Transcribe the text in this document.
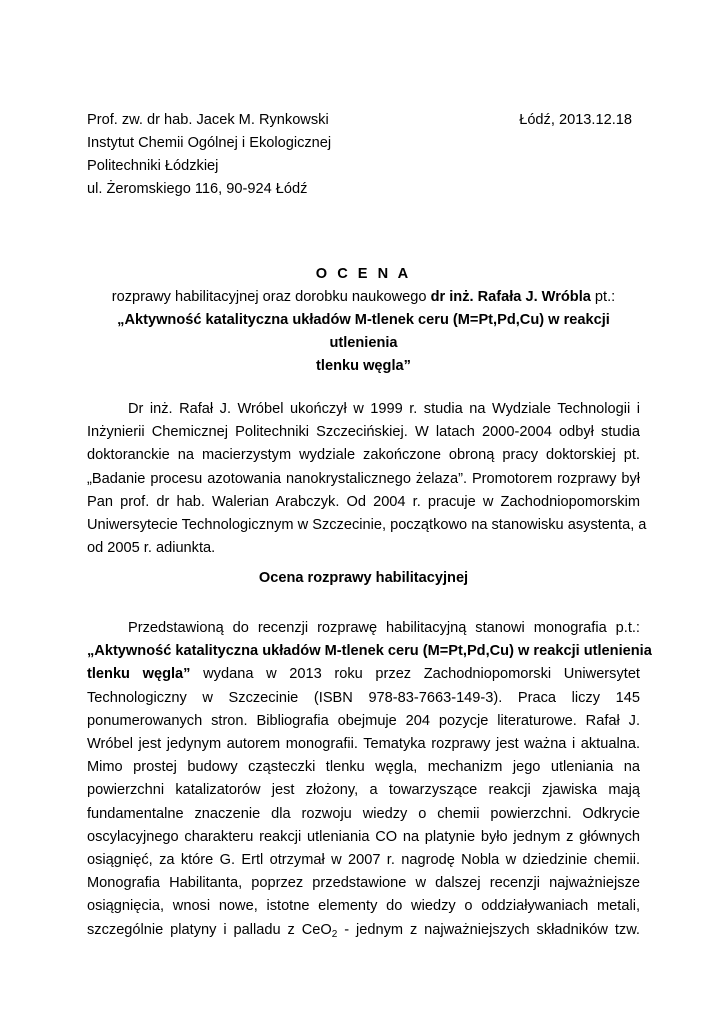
Prof. zw. dr hab. Jacek M. Rynkowski
Instytut Chemii Ogólnej i Ekologicznej
Politechniki Łódzkiej
ul. Żeromskiego 116, 90-924 Łódź
Łódź, 2013.12.18
O C E N A
rozprawy habilitacyjnej oraz dorobku naukowego dr inż. Rafała J. Wróbla pt.:
„Aktywność katalityczna układów M-tlenek ceru (M=Pt,Pd,Cu) w reakcji utlenienia
tlenku węgla”
Dr inż. Rafał J. Wróbel ukończył w 1999 r. studia na Wydziale Technologii i
Inżynierii Chemicznej Politechniki Szczecińskiej. W latach 2000-2004 odbył studia
doktoranckie na macierzystym wydziale zakończone obroną pracy doktorskiej pt.
„Badanie procesu azotowania nanokrystalicznego żelaza”. Promotorem rozprawy był
Pan prof. dr hab. Walerian Arabczyk. Od 2004 r. pracuje w Zachodniopomorskim
Uniwersytecie Technologicznym w Szczecinie, początkowo na stanowisku asystenta, a
od 2005 r. adiunkta.
Ocena rozprawy habilitacyjnej
Przedstawioną do recenzji rozprawę habilitacyjną stanowi monografia p.t.:
„Aktywność katalityczna układów M-tlenek ceru (M=Pt,Pd,Cu) w reakcji utlenienia
tlenku węgla” wydana w 2013 roku przez Zachodniopomorski Uniwersytet
Technologiczny w Szczecinie (ISBN 978-83-7663-149-3). Praca liczy 145
ponumerowanych stron. Bibliografia obejmuje 204 pozycje literaturowe. Rafał J.
Wróbel jest jedynym autorem monografii. Tematyka rozprawy jest ważna i aktualna.
Mimo prostej budowy cząsteczki tlenku węgla, mechanizm jego utleniania na
powierzchni katalizatorów jest złożony, a towarzyszące reakcji zjawiska mają
fundamentalne znaczenie dla rozwoju wiedzy o chemii powierzchni. Odkrycie
oscylacyjnego charakteru reakcji utleniania CO na platynie było jednym z głównych
osiągnięć, za które G. Ertl otrzymał w 2007 r. nagrodę Nobla w dziedzinie chemii.
Monografia Habilitanta, poprzez przedstawione w dalszej recenzji najważniejsze
osiągnięcia, wnosi nowe, istotne elementy do wiedzy o oddziaływaniach metali,
szczególnie platyny i palladu z CeO$_2$ - jednym z najważniejszych składników tzw.
